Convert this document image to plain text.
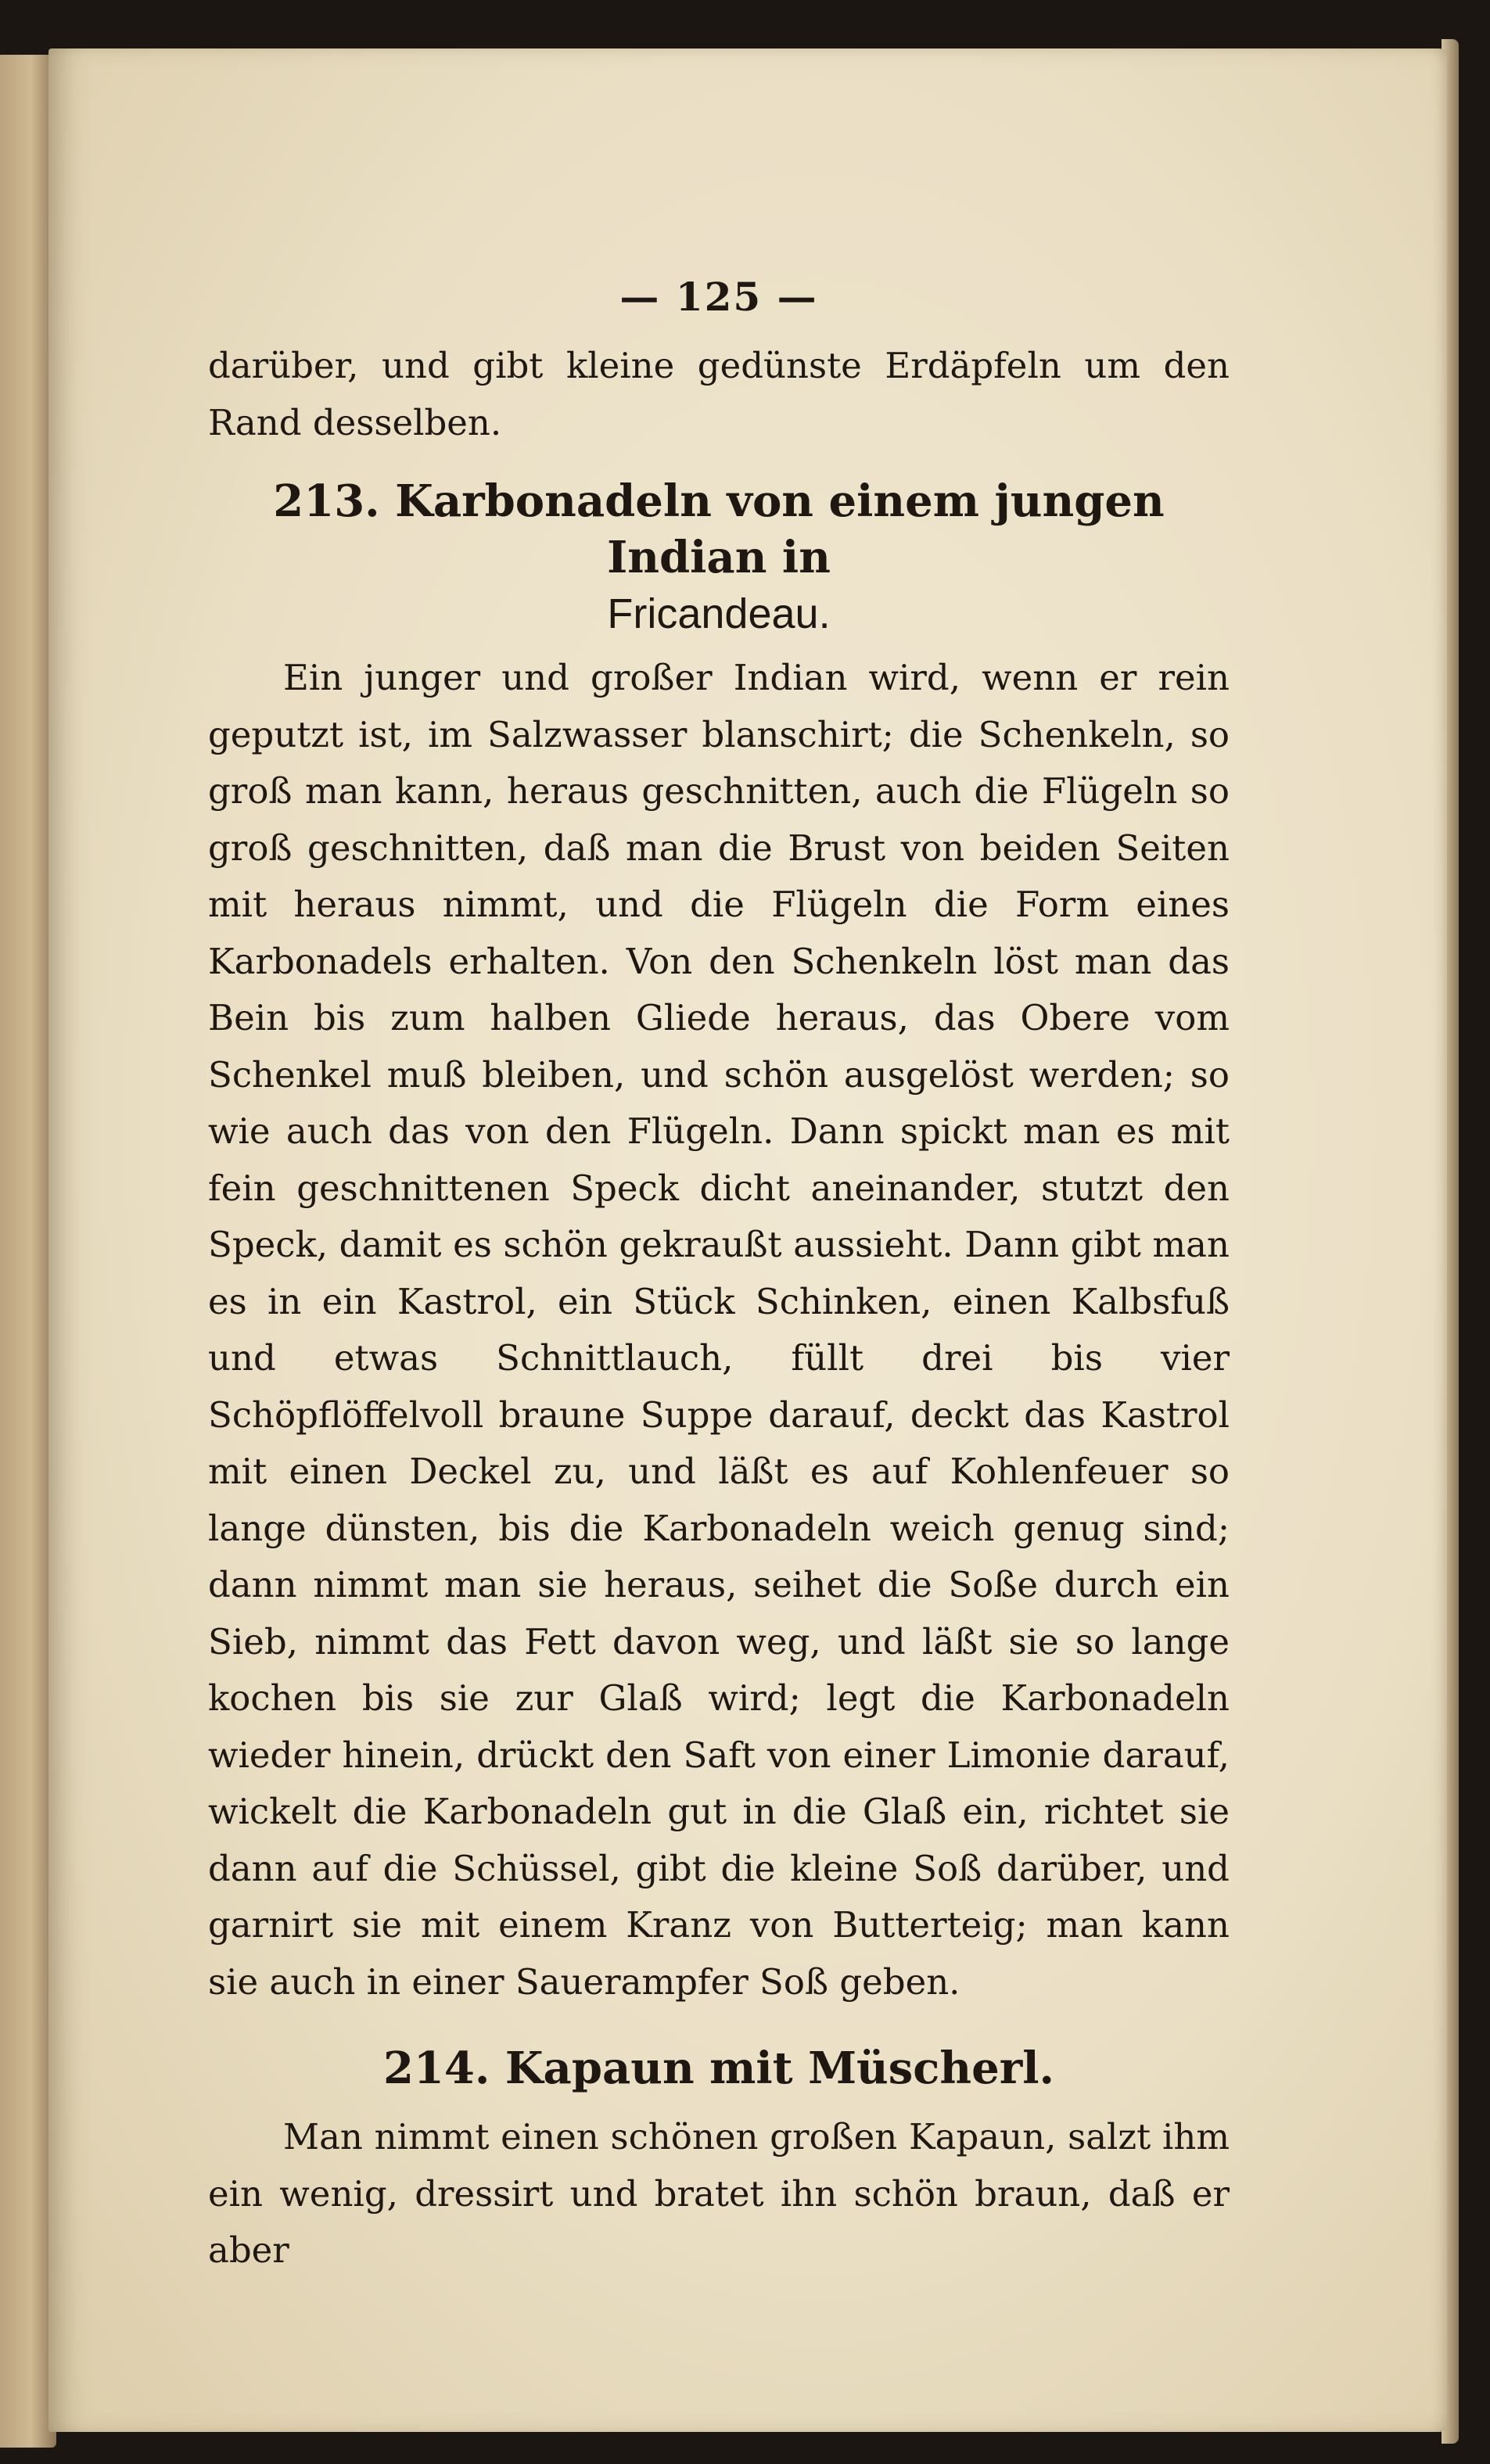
— 125 —

darüber, und gibt kleine gedünste Erdäpfeln um den Rand desselben.

213. Karbonadeln von einem jungen Indian in
Fricandeau.

Ein junger und großer Indian wird, wenn er rein geputzt ist, im Salzwasser blanschirt; die Schenkeln, so groß man kann, heraus geschnitten, auch die Flügeln so groß geschnitten, daß man die Brust von beiden Seiten mit heraus nimmt, und die Flügeln die Form eines Karbonadels erhalten. Von den Schenkeln löst man das Bein bis zum halben Gliede heraus, das Obere vom Schenkel muß bleiben, und schön ausgelöst werden; so wie auch das von den Flügeln. Dann spickt man es mit fein geschnittenen Speck dicht aneinander, stutzt den Speck, damit es schön gekraußt aussieht. Dann gibt man es in ein Kastrol, ein Stück Schinken, einen Kalbsfuß und etwas Schnittlauch, füllt drei bis vier Schöpflöffelvoll braune Suppe darauf, deckt das Kastrol mit einen Deckel zu, und läßt es auf Kohlenfeuer so lange dünsten, bis die Karbonadeln weich genug sind; dann nimmt man sie heraus, seihet die Soße durch ein Sieb, nimmt das Fett davon weg, und läßt sie so lange kochen bis sie zur Glaß wird; legt die Karbonadeln wieder hinein, drückt den Saft von einer Limonie darauf, wickelt die Karbonadeln gut in die Glaß ein, richtet sie dann auf die Schüssel, gibt die kleine Soß darüber, und garnirt sie mit einem Kranz von Butterteig; man kann sie auch in einer Sauerampfer Soß geben.

214. Kapaun mit Müscherl.

Man nimmt einen schönen großen Kapaun, salzt ihm ein wenig, dressirt und bratet ihn schön braun, daß er aber
